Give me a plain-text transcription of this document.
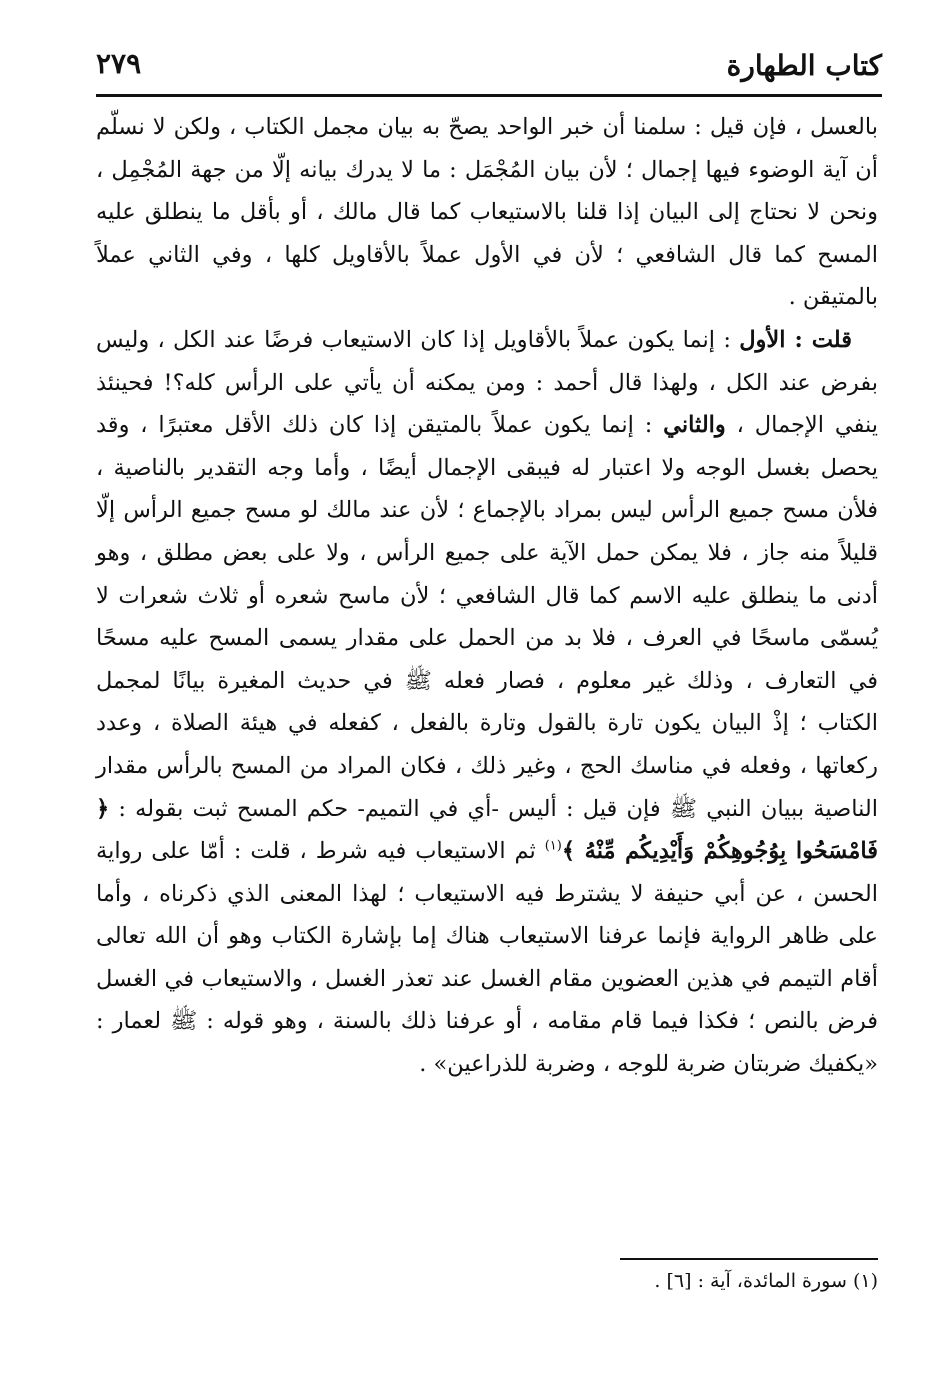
كتاب الطهارة
٢٧٩

بالعسل ، فإن قيل : سلمنا أن خبر الواحد يصحّ به بيان مجمل الكتاب ، ولكن لا نسلّم أن آية الوضوء فيها إجمال ؛ لأن بيان المُجْمَل : ما لا يدرك بيانه إلّا من جهة المُجْمِل ، ونحن لا نحتاج إلى البيان إذا قلنا بالاستيعاب كما قال مالك ، أو بأقل ما ينطلق عليه المسح كما قال الشافعي ؛ لأن في الأول عملاً بالأقاويل كلها ، وفي الثاني عملاً بالمتيقن .

قلت : الأول : إنما يكون عملاً بالأقاويل إذا كان الاستيعاب فرضًا عند الكل ، وليس بفرض عند الكل ، ولهذا قال أحمد : ومن يمكنه أن يأتي على الرأس كله؟! فحينئذ ينفي الإجمال ، والثاني : إنما يكون عملاً بالمتيقن إذا كان ذلك الأقل معتبرًا ، وقد يحصل بغسل الوجه ولا اعتبار له فيبقى الإجمال أيضًا ، وأما وجه التقدير بالناصية ، فلأن مسح جميع الرأس ليس بمراد بالإجماع ؛ لأن عند مالك لو مسح جميع الرأس إلّا قليلاً منه جاز ، فلا يمكن حمل الآية على جميع الرأس ، ولا على بعض مطلق ، وهو أدنى ما ينطلق عليه الاسم كما قال الشافعي ؛ لأن ماسح شعره أو ثلاث شعرات لا يُسمّى ماسحًا في العرف ، فلا بد من الحمل على مقدار يسمى المسح عليه مسحًا في التعارف ، وذلك غير معلوم ، فصار فعله ﷺ في حديث المغيرة بيانًا لمجمل الكتاب ؛ إذْ البيان يكون تارة بالقول وتارة بالفعل ، كفعله في هيئة الصلاة ، وعدد ركعاتها ، وفعله في مناسك الحج ، وغير ذلك ، فكان المراد من المسح بالرأس مقدار الناصية ببيان النبي ﷺ فإن قيل : أليس -أي في التميم- حكم المسح ثبت بقوله : ﴿ فَامْسَحُوا بِوُجُوهِكُمْ وَأَيْدِيكُم مِّنْهُ ﴾$^{(١)}$ ثم الاستيعاب فيه شرط ، قلت : أمّا على رواية الحسن ، عن أبي حنيفة لا يشترط فيه الاستيعاب ؛ لهذا المعنى الذي ذكرناه ، وأما على ظاهر الرواية فإنما عرفنا الاستيعاب هناك إما بإشارة الكتاب وهو أن الله تعالى أقام التيمم في هذين العضوين مقام الغسل عند تعذر الغسل ، والاستيعاب في الغسل فرض بالنص ؛ فكذا فيما قام مقامه ، أو عرفنا ذلك بالسنة ، وهو قوله : ﷺ لعمار : «يكفيك ضربتان ضربة للوجه ، وضربة للذراعين» .

(١) سورة المائدة، آية : [٦] .
